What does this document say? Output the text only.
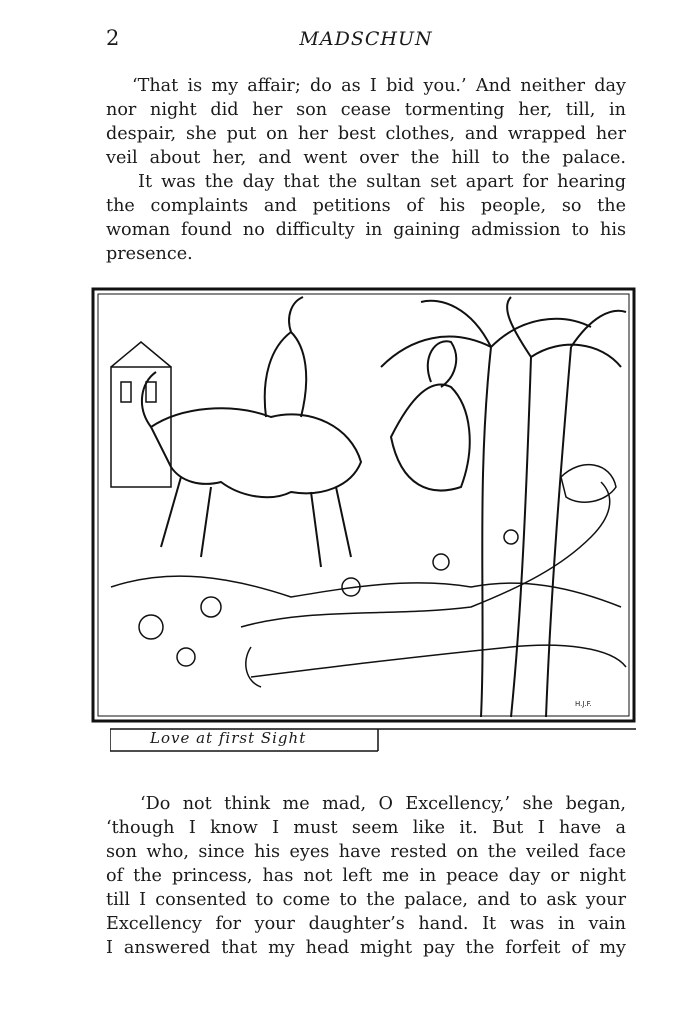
2	MADSCHUN
‘That is my affair; do as I bid you.’ And neither day
nor night did her son cease tormenting her, till, in
despair, she put on her best clothes, and wrapped her
veil about her, and went over the hill to the palace.
It was the day that the sultan set apart for hearing
the complaints and petitions of his people, so the
woman found no difficulty in gaining admission to his
presence.
Love at first Sight
H.J.F.
‘Do not think me mad, O Excellency,’ she began,
‘though I know I must seem like it. But I have a
son who, since his eyes have rested on the veiled face
of the princess, has not left me in peace day or night
till I consented to come to the palace, and to ask your
Excellency for your daughter’s hand. It was in vain
I answered that my head might pay the forfeit of my
